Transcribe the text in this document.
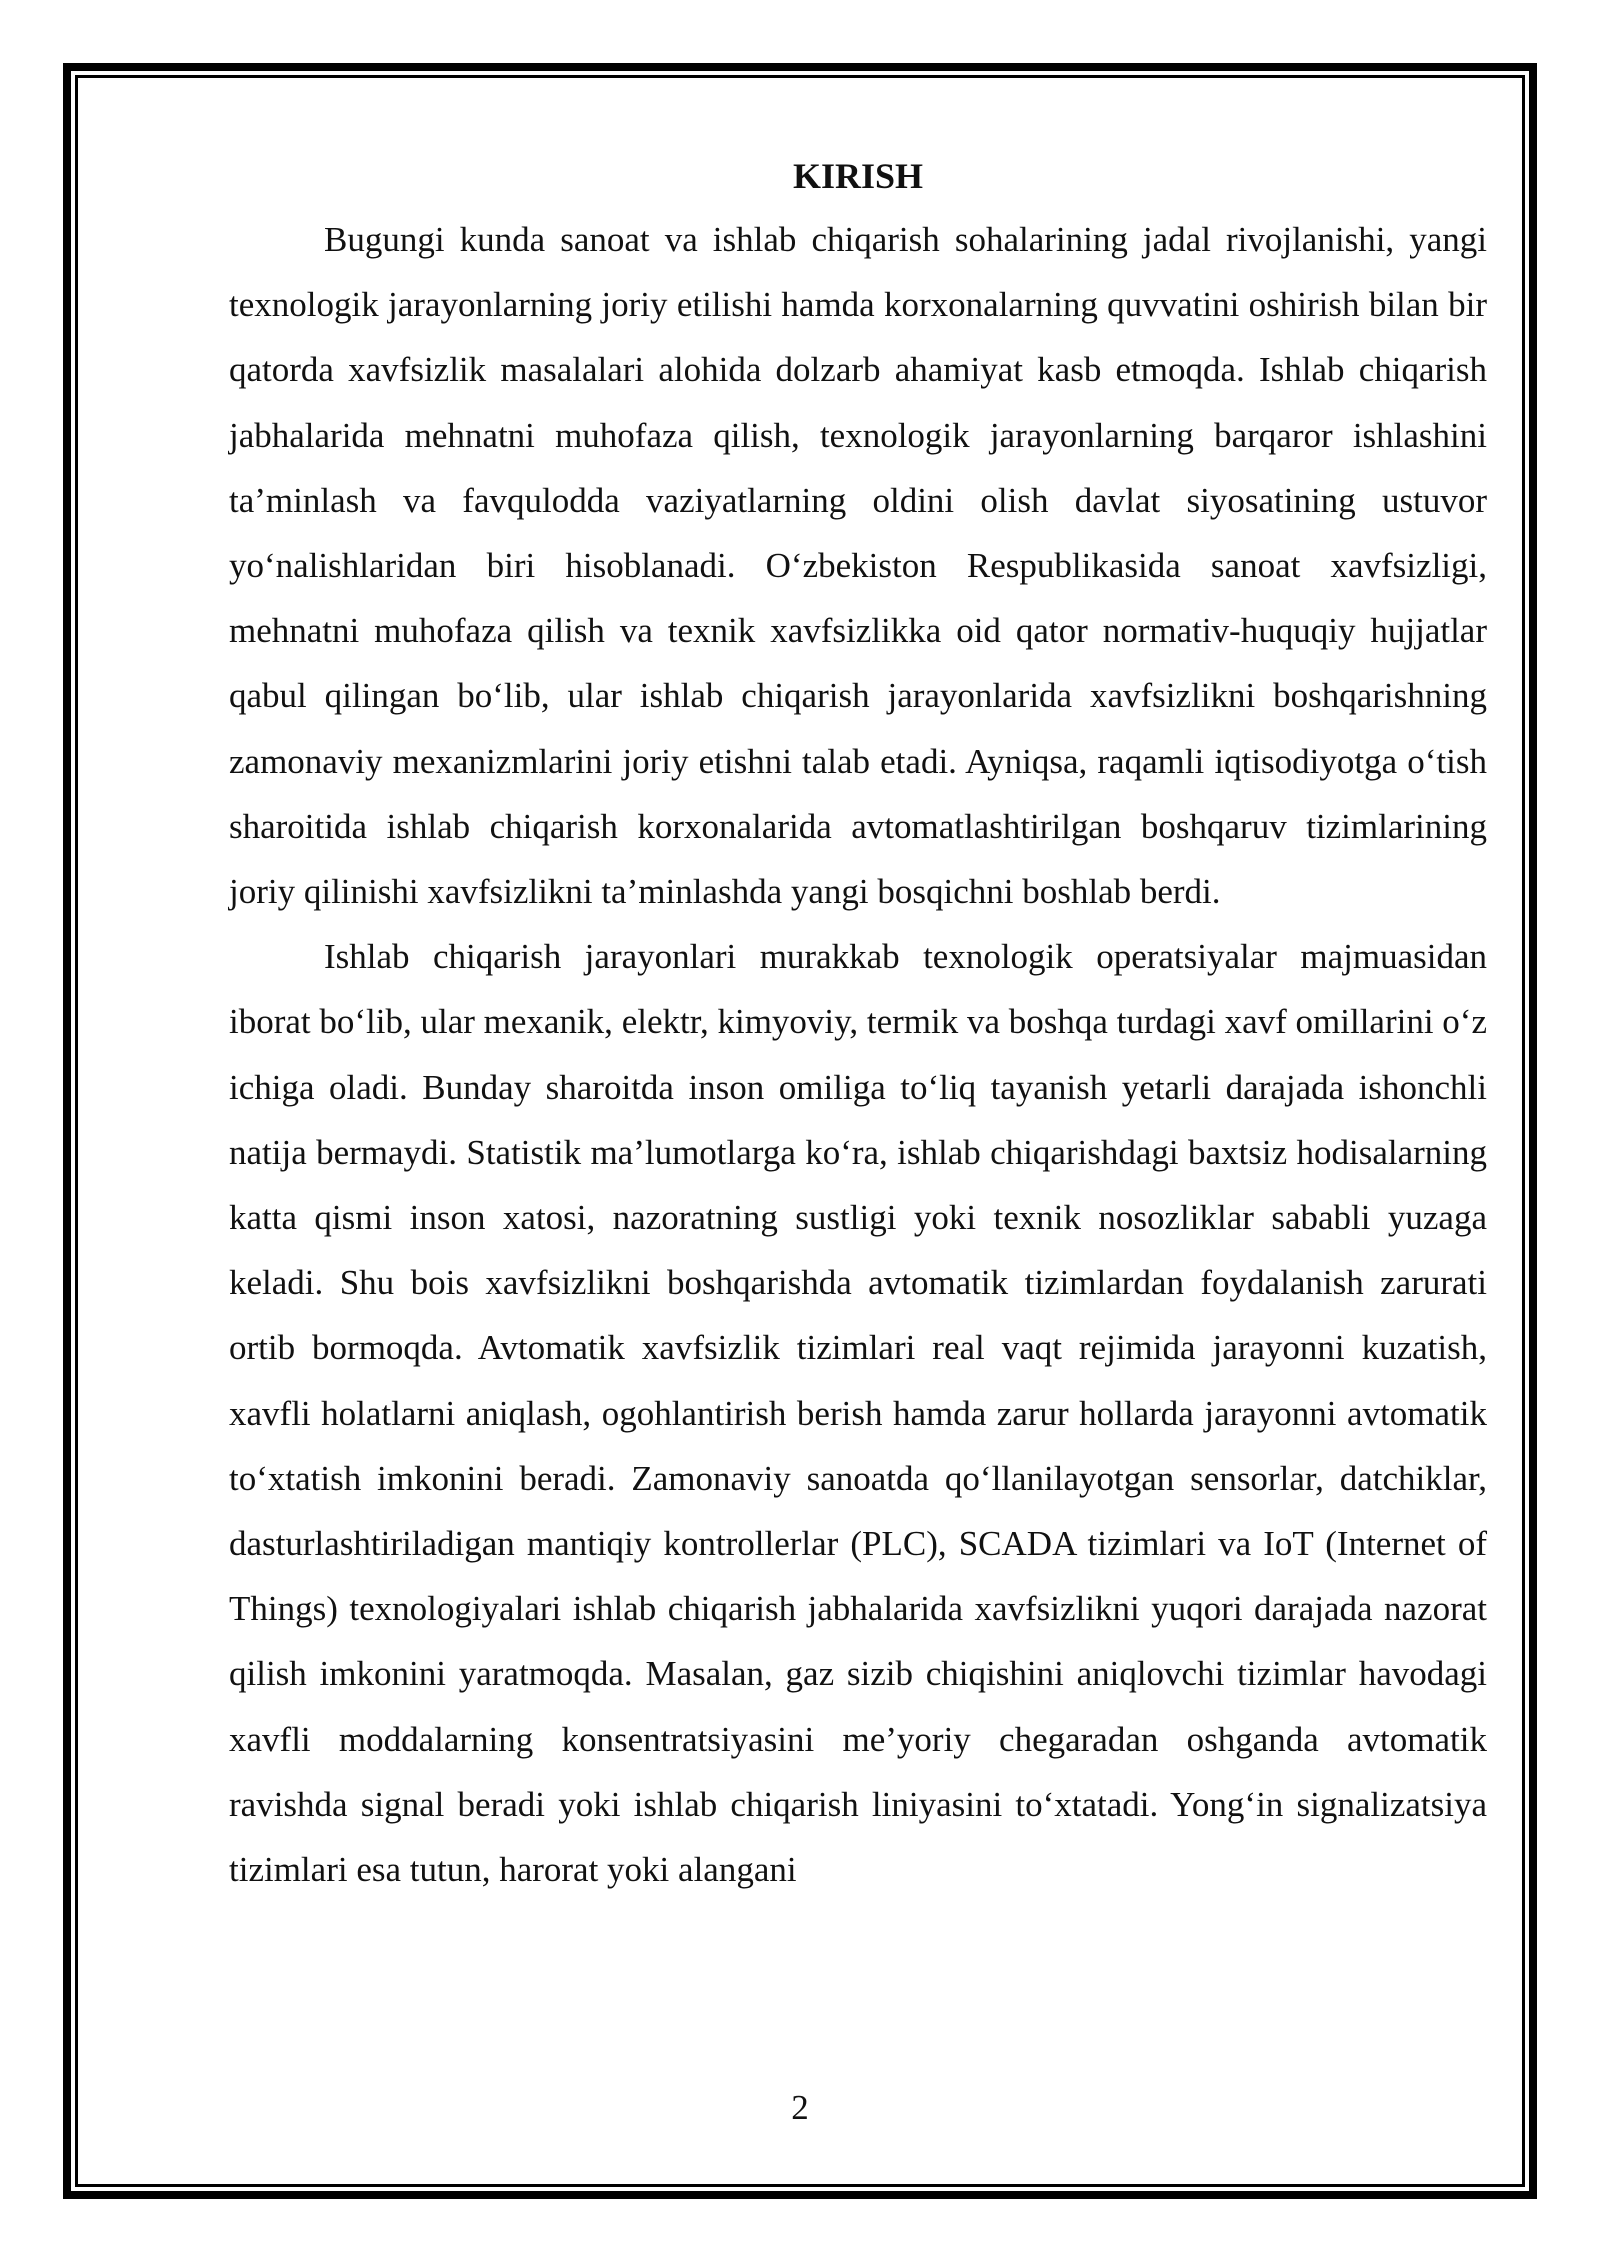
KIRISH

Bugungi kunda sanoat va ishlab chiqarish sohalarining jadal rivojlanishi, yangi texnologik jarayonlarning joriy etilishi hamda korxonalarning quvvatini oshirish bilan bir qatorda xavfsizlik masalalari alohida dolzarb ahamiyat kasb etmoqda. Ishlab chiqarish jabhalarida mehnatni muhofaza qilish, texnologik jarayonlarning barqaror ishlashini ta’minlash va favqulodda vaziyatlarning oldini olish davlat siyosatining ustuvor yo‘nalishlaridan biri hisoblanadi. O‘zbekiston Respublikasida sanoat xavfsizligi, mehnatni muhofaza qilish va texnik xavfsizlikka oid qator normativ-huquqiy hujjatlar qabul qilingan bo‘lib, ular ishlab chiqarish jarayonlarida xavfsizlikni boshqarishning zamonaviy mexanizmlarini joriy etishni talab etadi. Ayniqsa, raqamli iqtisodiyotga o‘tish sharoitida ishlab chiqarish korxonalarida avtomatlashtirilgan boshqaruv tizimlarining joriy qilinishi xavfsizlikni ta’minlashda yangi bosqichni boshlab berdi.

Ishlab chiqarish jarayonlari murakkab texnologik operatsiyalar majmuasidan iborat bo‘lib, ular mexanik, elektr, kimyoviy, termik va boshqa turdagi xavf omillarini o‘z ichiga oladi. Bunday sharoitda inson omiliga to‘liq tayanish yetarli darajada ishonchli natija bermaydi. Statistik ma’lumotlarga ko‘ra, ishlab chiqarishdagi baxtsiz hodisalarning katta qismi inson xatosi, nazoratning sustligi yoki texnik nosozliklar sababli yuzaga keladi. Shu bois xavfsizlikni boshqarishda avtomatik tizimlardan foydalanish zarurati ortib bormoqda. Avtomatik xavfsizlik tizimlari real vaqt rejimida jarayonni kuzatish, xavfli holatlarni aniqlash, ogohlantirish berish hamda zarur hollarda jarayonni avtomatik to‘xtatish imkonini beradi. Zamonaviy sanoatda qo‘llanilayotgan sensorlar, datchiklar, dasturlashtiriladigan mantiqiy kontrollerlar (PLC), SCADA tizimlari va IoT (Internet of Things) texnologiyalari ishlab chiqarish jabhalarida xavfsizlikni yuqori darajada nazorat qilish imkonini yaratmoqda. Masalan, gaz sizib chiqishini aniqlovchi tizimlar havodagi xavfli moddalarning konsentratsiyasini me’yoriy chegaradan oshganda avtomatik ravishda signal beradi yoki ishlab chiqarish liniyasini to‘xtatadi. Yong‘in signalizatsiya tizimlari esa tutun, harorat yoki alangani

2
